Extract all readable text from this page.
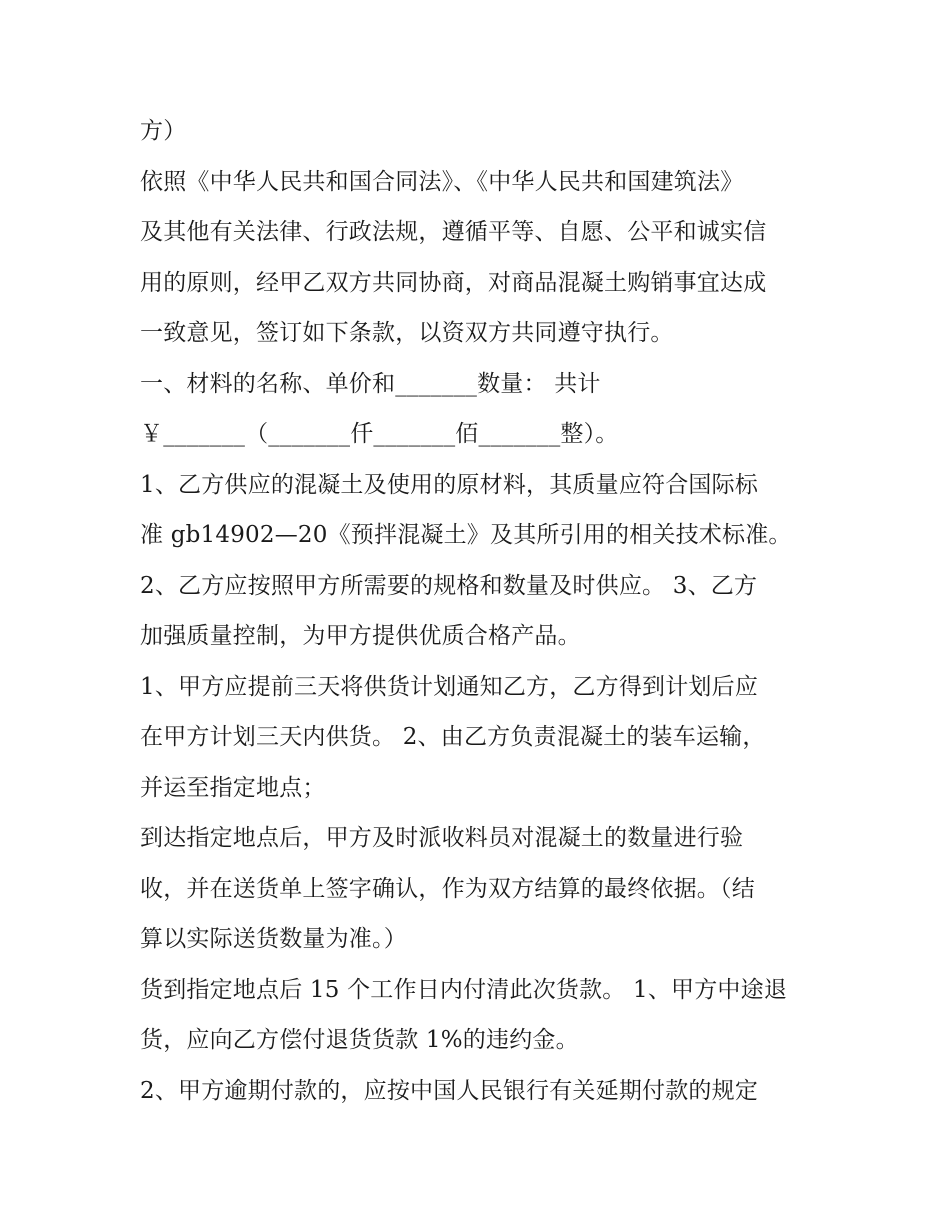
方）
依照《中华人民共和国合同法》、《中华人民共和国建筑法》
及其他有关法律、行政法规，遵循平等、自愿、公平和诚实信
用的原则，经甲乙双方共同协商，对商品混凝土购销事宜达成
一致意见，签订如下条款，以资双方共同遵守执行。
一、材料的名称、单价和_______数量： 共计
￥_______（_______仟_______佰_______整）。
1、乙方供应的混凝土及使用的原材料，其质量应符合国际标
准 gb14902—20《预拌混凝土》及其所引用的相关技术标准。
2、乙方应按照甲方所需要的规格和数量及时供应。 3、乙方
加强质量控制，为甲方提供优质合格产品。
1、甲方应提前三天将供货计划通知乙方，乙方得到计划后应
在甲方计划三天内供货。 2、由乙方负责混凝土的装车运输，
并运至指定地点；
到达指定地点后，甲方及时派收料员对混凝土的数量进行验
收，并在送货单上签字确认，作为双方结算的最终依据。（结
算以实际送货数量为准。）
货到指定地点后 15 个工作日内付清此次货款。 1、甲方中途退
货，应向乙方偿付退货货款 1%的违约金。
2、甲方逾期付款的，应按中国人民银行有关延期付款的规定
